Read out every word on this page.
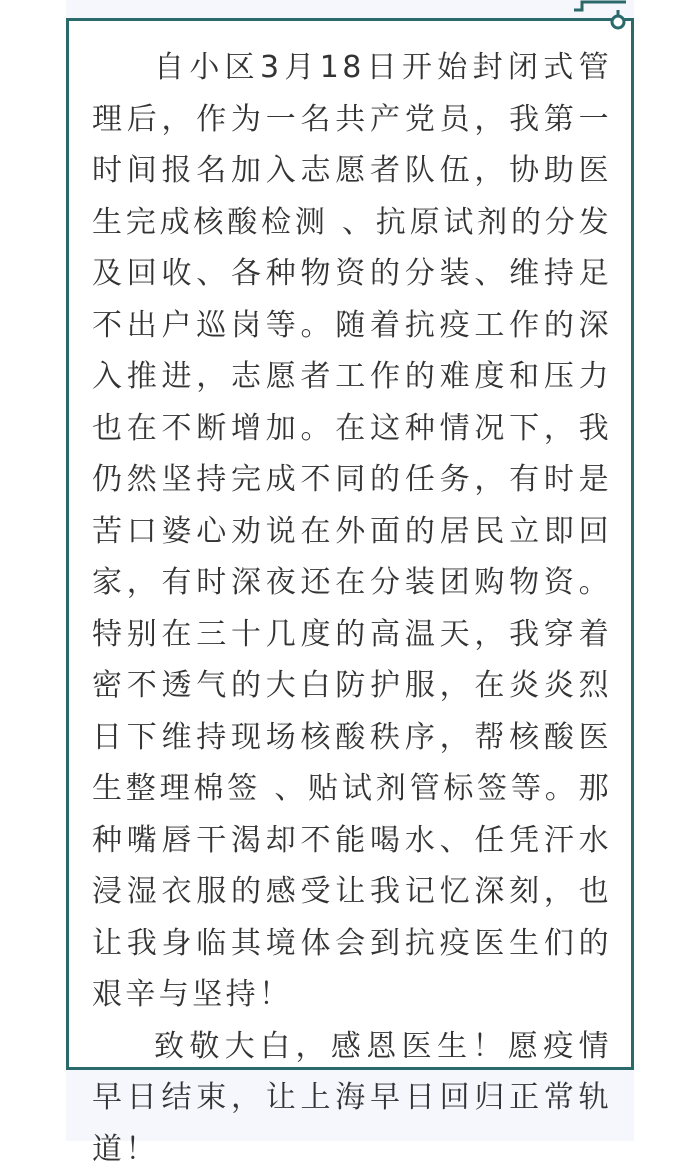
自小区3月18日开始封闭式管理后，作为一名共产党员，我第一时间报名加入志愿者队伍，协助医生完成核酸检测 、抗原试剂的分发及回收、各种物资的分装、维持足不出户巡岗等。随着抗疫工作的深入推进，志愿者工作的难度和压力也在不断增加。在这种情况下，我仍然坚持完成不同的任务，有时是苦口婆心劝说在外面的居民立即回家，有时深夜还在分装团购物资。特别在三十几度的高温天，我穿着密不透气的大白防护服，在炎炎烈日下维持现场核酸秩序，帮核酸医生整理棉签 、贴试剂管标签等。那种嘴唇干渴却不能喝水、任凭汗水浸湿衣服的感受让我记忆深刻，也让我身临其境体会到抗疫医生们的艰辛与坚持！

致敬大白，感恩医生！愿疫情早日结束，让上海早日回归正常轨道！
